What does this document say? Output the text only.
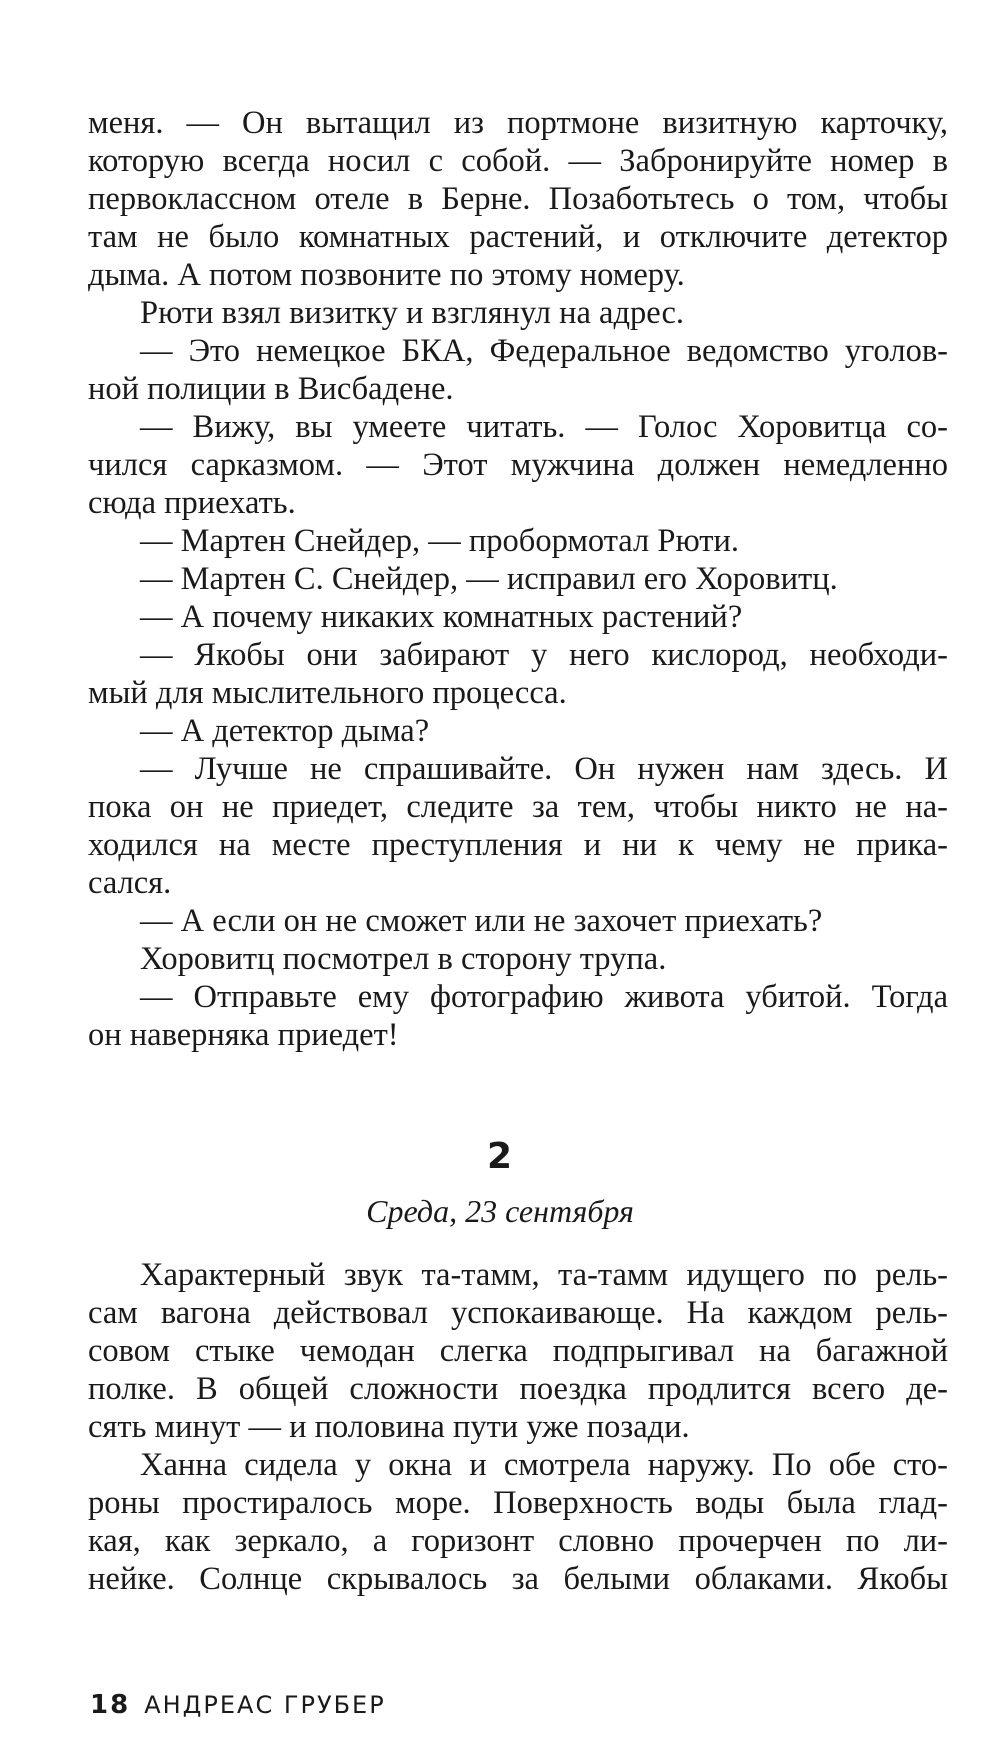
меня. — Он вытащил из портмоне визитную карточку,
которую всегда носил с собой. — Забронируйте номер в
первоклассном отеле в Берне. Позаботьтесь о том, чтобы
там не было комнатных растений, и отключите детектор
дыма. А потом позвоните по этому номеру.
Рюти взял визитку и взглянул на адрес.
— Это немецкое БКА, Федеральное ведомство уголов-
ной полиции в Висбадене.
— Вижу, вы умеете читать. — Голос Хоровитца со-
чился сарказмом. — Этот мужчина должен немедленно
сюда приехать.
— Мартен Снейдер, — пробормотал Рюти.
— Мартен С. Снейдер, — исправил его Хоровитц.
— А почему никаких комнатных растений?
— Якобы они забирают у него кислород, необходи-
мый для мыслительного процесса.
— А детектор дыма?
— Лучше не спрашивайте. Он нужен нам здесь. И
пока он не приедет, следите за тем, чтобы никто не на-
ходился на месте преступления и ни к чему не прика-
сался.
— А если он не сможет или не захочет приехать?
Хоровитц посмотрел в сторону трупа.
— Отправьте ему фотографию живота убитой. Тогда
он наверняка приедет!
2
Среда, 23 сентября
Характерный звук та-тамм, та-тамм идущего по рель-
сам вагона действовал успокаивающе. На каждом рель-
совом стыке чемодан слегка подпрыгивал на багажной
полке. В общей сложности поездка продлится всего де-
сять минут — и половина пути уже позади.
Ханна сидела у окна и смотрела наружу. По обе сто-
роны простиралось море. Поверхность воды была глад-
кая, как зеркало, а горизонт словно прочерчен по ли-
нейке. Солнце скрывалось за белыми облаками. Якобы
18 АНДРЕАС ГРУБЕР
